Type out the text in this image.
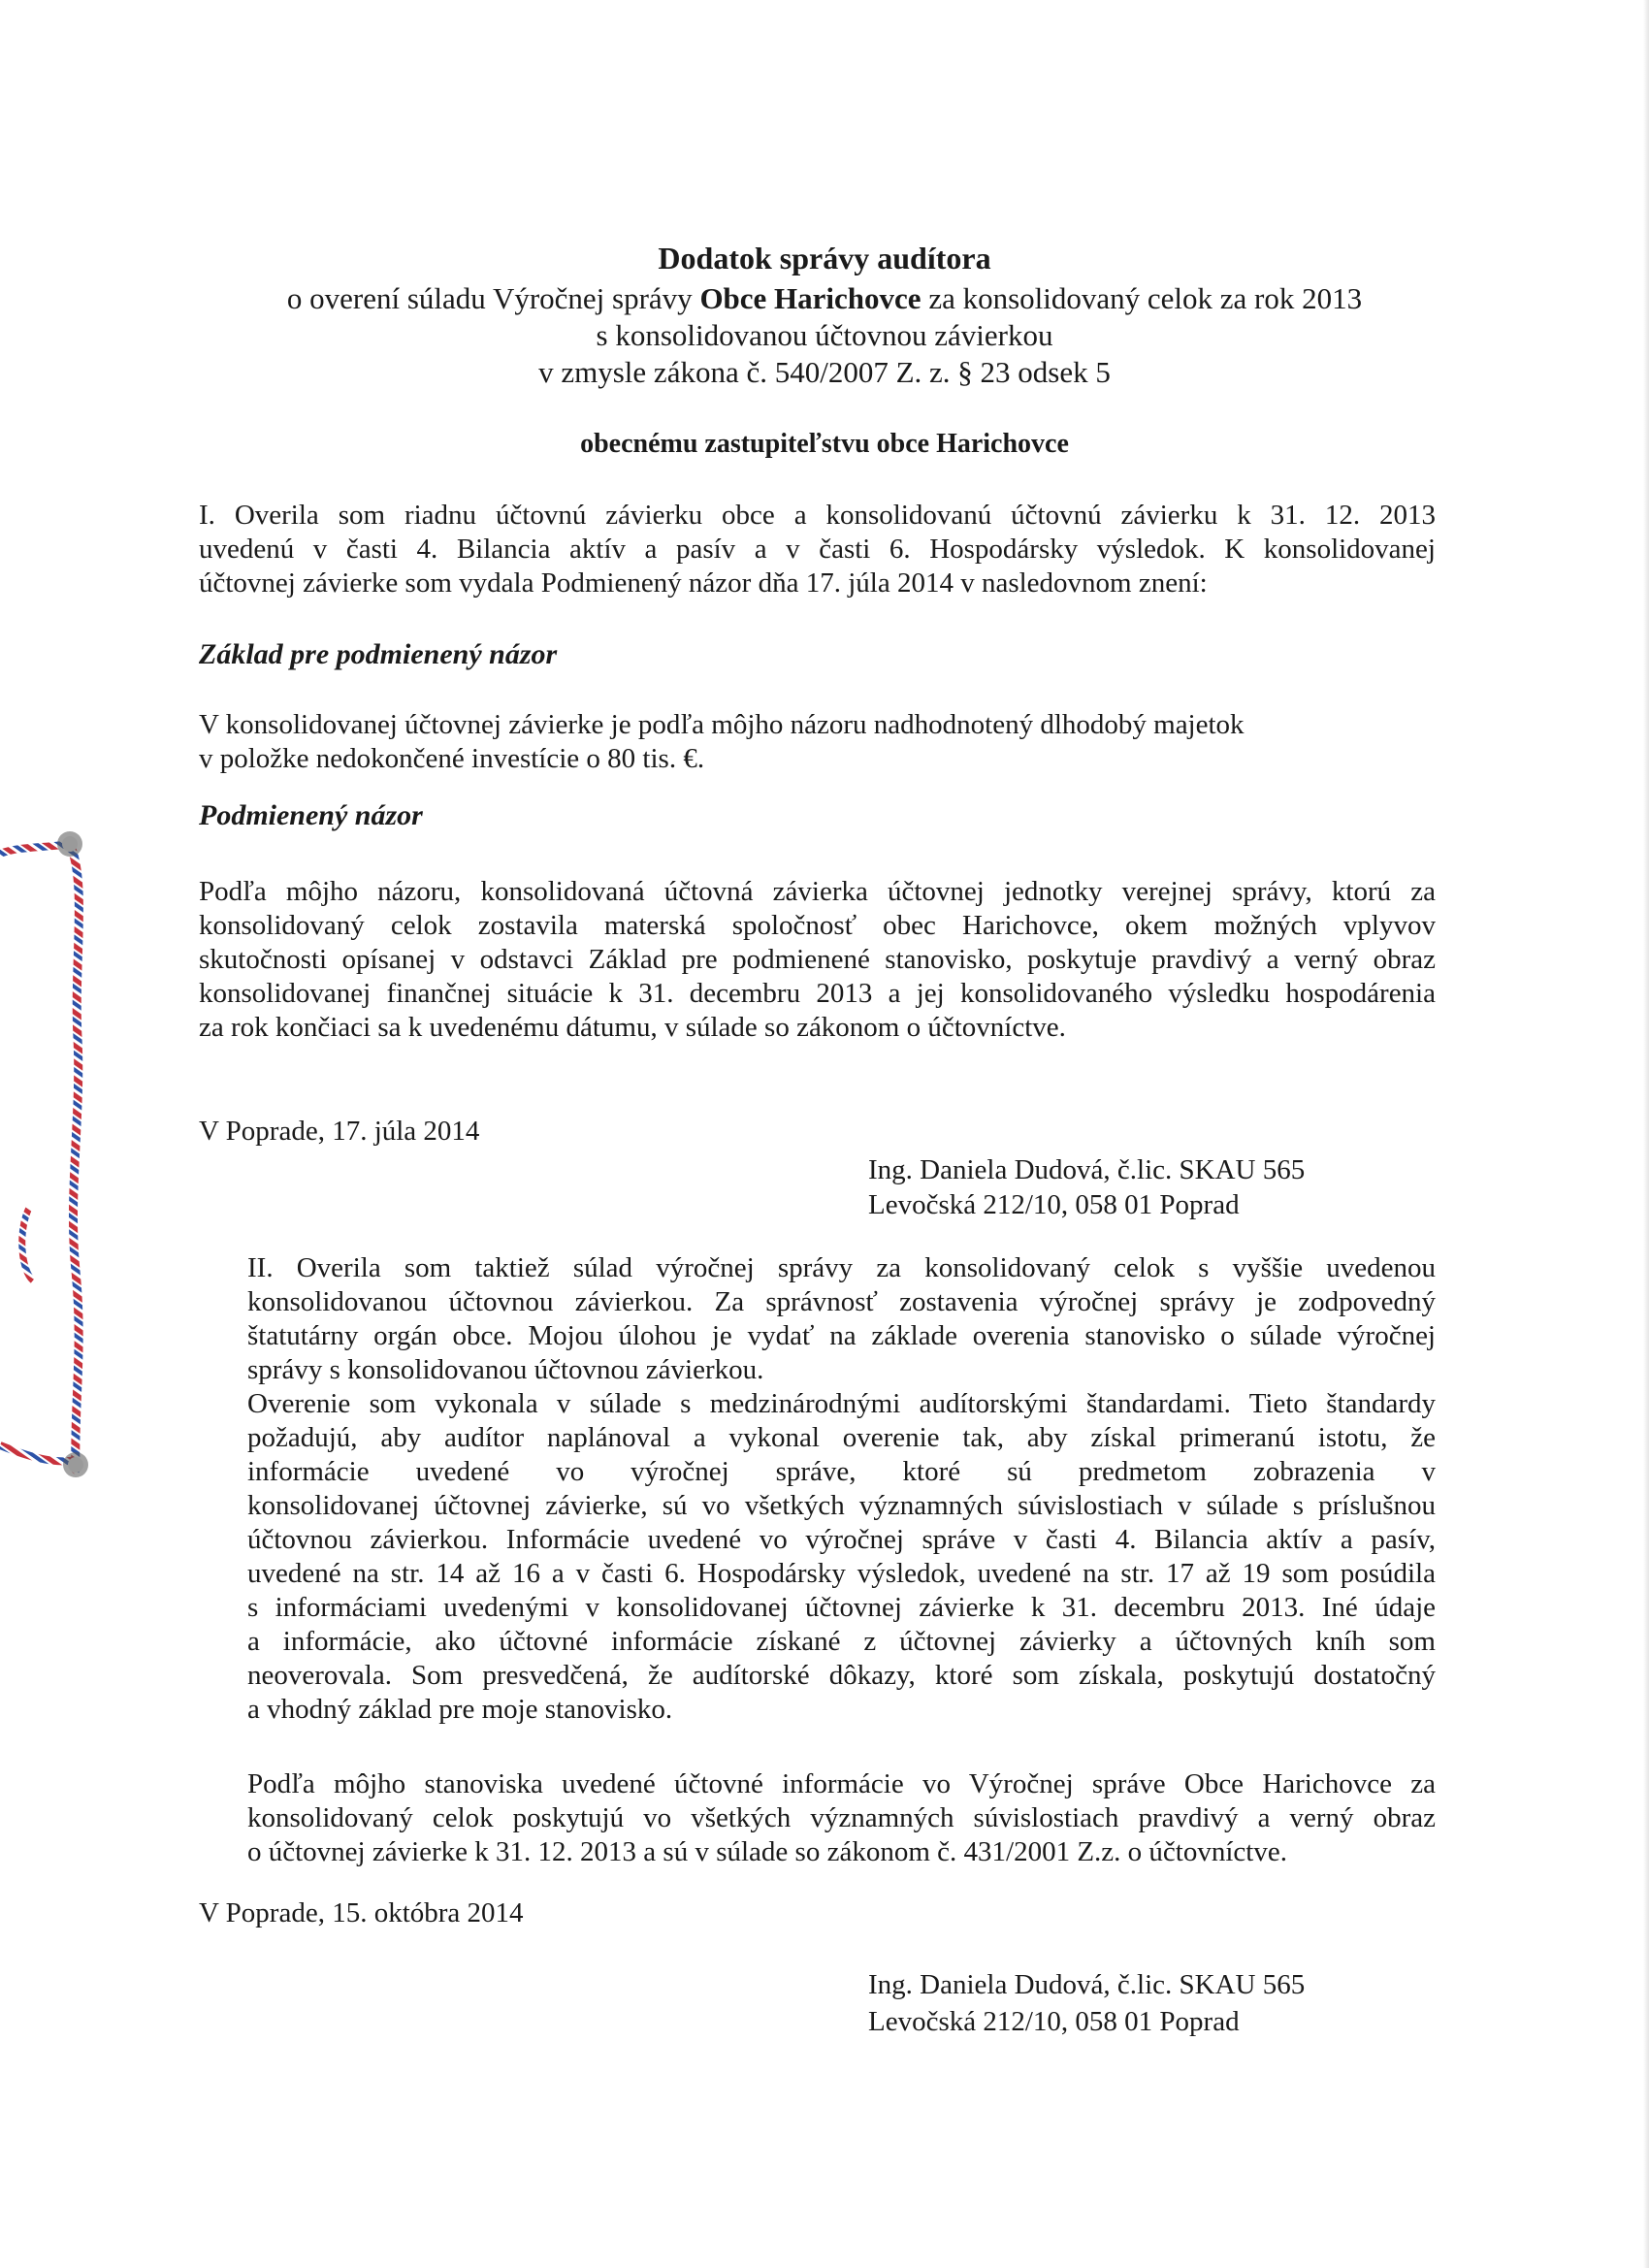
Dodatok správy audítora
o overení súladu Výročnej správy Obce Harichovce za konsolidovaný celok za rok 2013
s konsolidovanou účtovnou závierkou
v zmysle zákona č. 540/2007 Z. z. § 23 odsek 5
obecnému zastupiteľstvu obce Harichovce
I. Overila som riadnu účtovnú závierku obce a konsolidovanú účtovnú závierku k 31. 12. 2013
uvedenú v časti 4. Bilancia aktív a pasív a v časti 6. Hospodársky výsledok. K konsolidovanej
účtovnej závierke som vydala Podmienený názor dňa 17. júla 2014 v nasledovnom znení:
Základ pre podmienený názor
V konsolidovanej účtovnej závierke je podľa môjho názoru nadhodnotený dlhodobý majetok
v položke nedokončené investície o 80 tis. €.
Podmienený názor
Podľa môjho názoru, konsolidovaná účtovná závierka účtovnej jednotky verejnej správy, ktorú za
konsolidovaný celok zostavila materská spoločnosť obec Harichovce, okem možných vplyvov
skutočnosti opísanej v odstavci Základ pre podmienené stanovisko, poskytuje pravdivý a verný obraz
konsolidovanej finančnej situácie k 31. decembru 2013 a jej konsolidovaného výsledku hospodárenia
za rok končiaci sa k uvedenému dátumu, v súlade so zákonom o účtovníctve.
V Poprade, 17. júla 2014
Ing. Daniela Dudová, č.lic. SKAU 565
Levočská 212/10, 058 01 Poprad
II. Overila som taktiež súlad výročnej správy za konsolidovaný celok s vyššie uvedenou
konsolidovanou účtovnou závierkou. Za správnosť zostavenia výročnej správy je zodpovedný
štatutárny orgán obce. Mojou úlohou je vydať na základe overenia stanovisko o súlade výročnej
správy s konsolidovanou účtovnou závierkou.
Overenie som vykonala v súlade s medzinárodnými audítorskými štandardami. Tieto štandardy
požadujú, aby audítor naplánoval a vykonal overenie tak, aby získal primeranú istotu, že
informácie uvedené vo výročnej správe, ktoré sú predmetom zobrazenia v
konsolidovanej účtovnej závierke, sú vo všetkých významných súvislostiach v súlade s príslušnou
účtovnou závierkou. Informácie uvedené vo výročnej správe v časti 4. Bilancia aktív a pasív,
uvedené na str. 14 až 16 a v časti 6. Hospodársky výsledok, uvedené na str. 17 až 19 som posúdila
s informáciami uvedenými v konsolidovanej účtovnej závierke k 31. decembru 2013. Iné údaje
a informácie, ako účtovné informácie získané z účtovnej závierky a účtovných kníh som
neoverovala. Som presvedčená, že audítorské dôkazy, ktoré som získala, poskytujú dostatočný
a vhodný základ pre moje stanovisko.
Podľa môjho stanoviska uvedené účtovné informácie vo Výročnej správe Obce Harichovce za
konsolidovaný celok poskytujú vo všetkých významných súvislostiach pravdivý a verný obraz
o účtovnej závierke k 31. 12. 2013 a sú v súlade so zákonom č. 431/2001 Z.z. o účtovníctve.
V Poprade, 15. októbra 2014
Ing. Daniela Dudová, č.lic. SKAU 565
Levočská 212/10, 058 01 Poprad
